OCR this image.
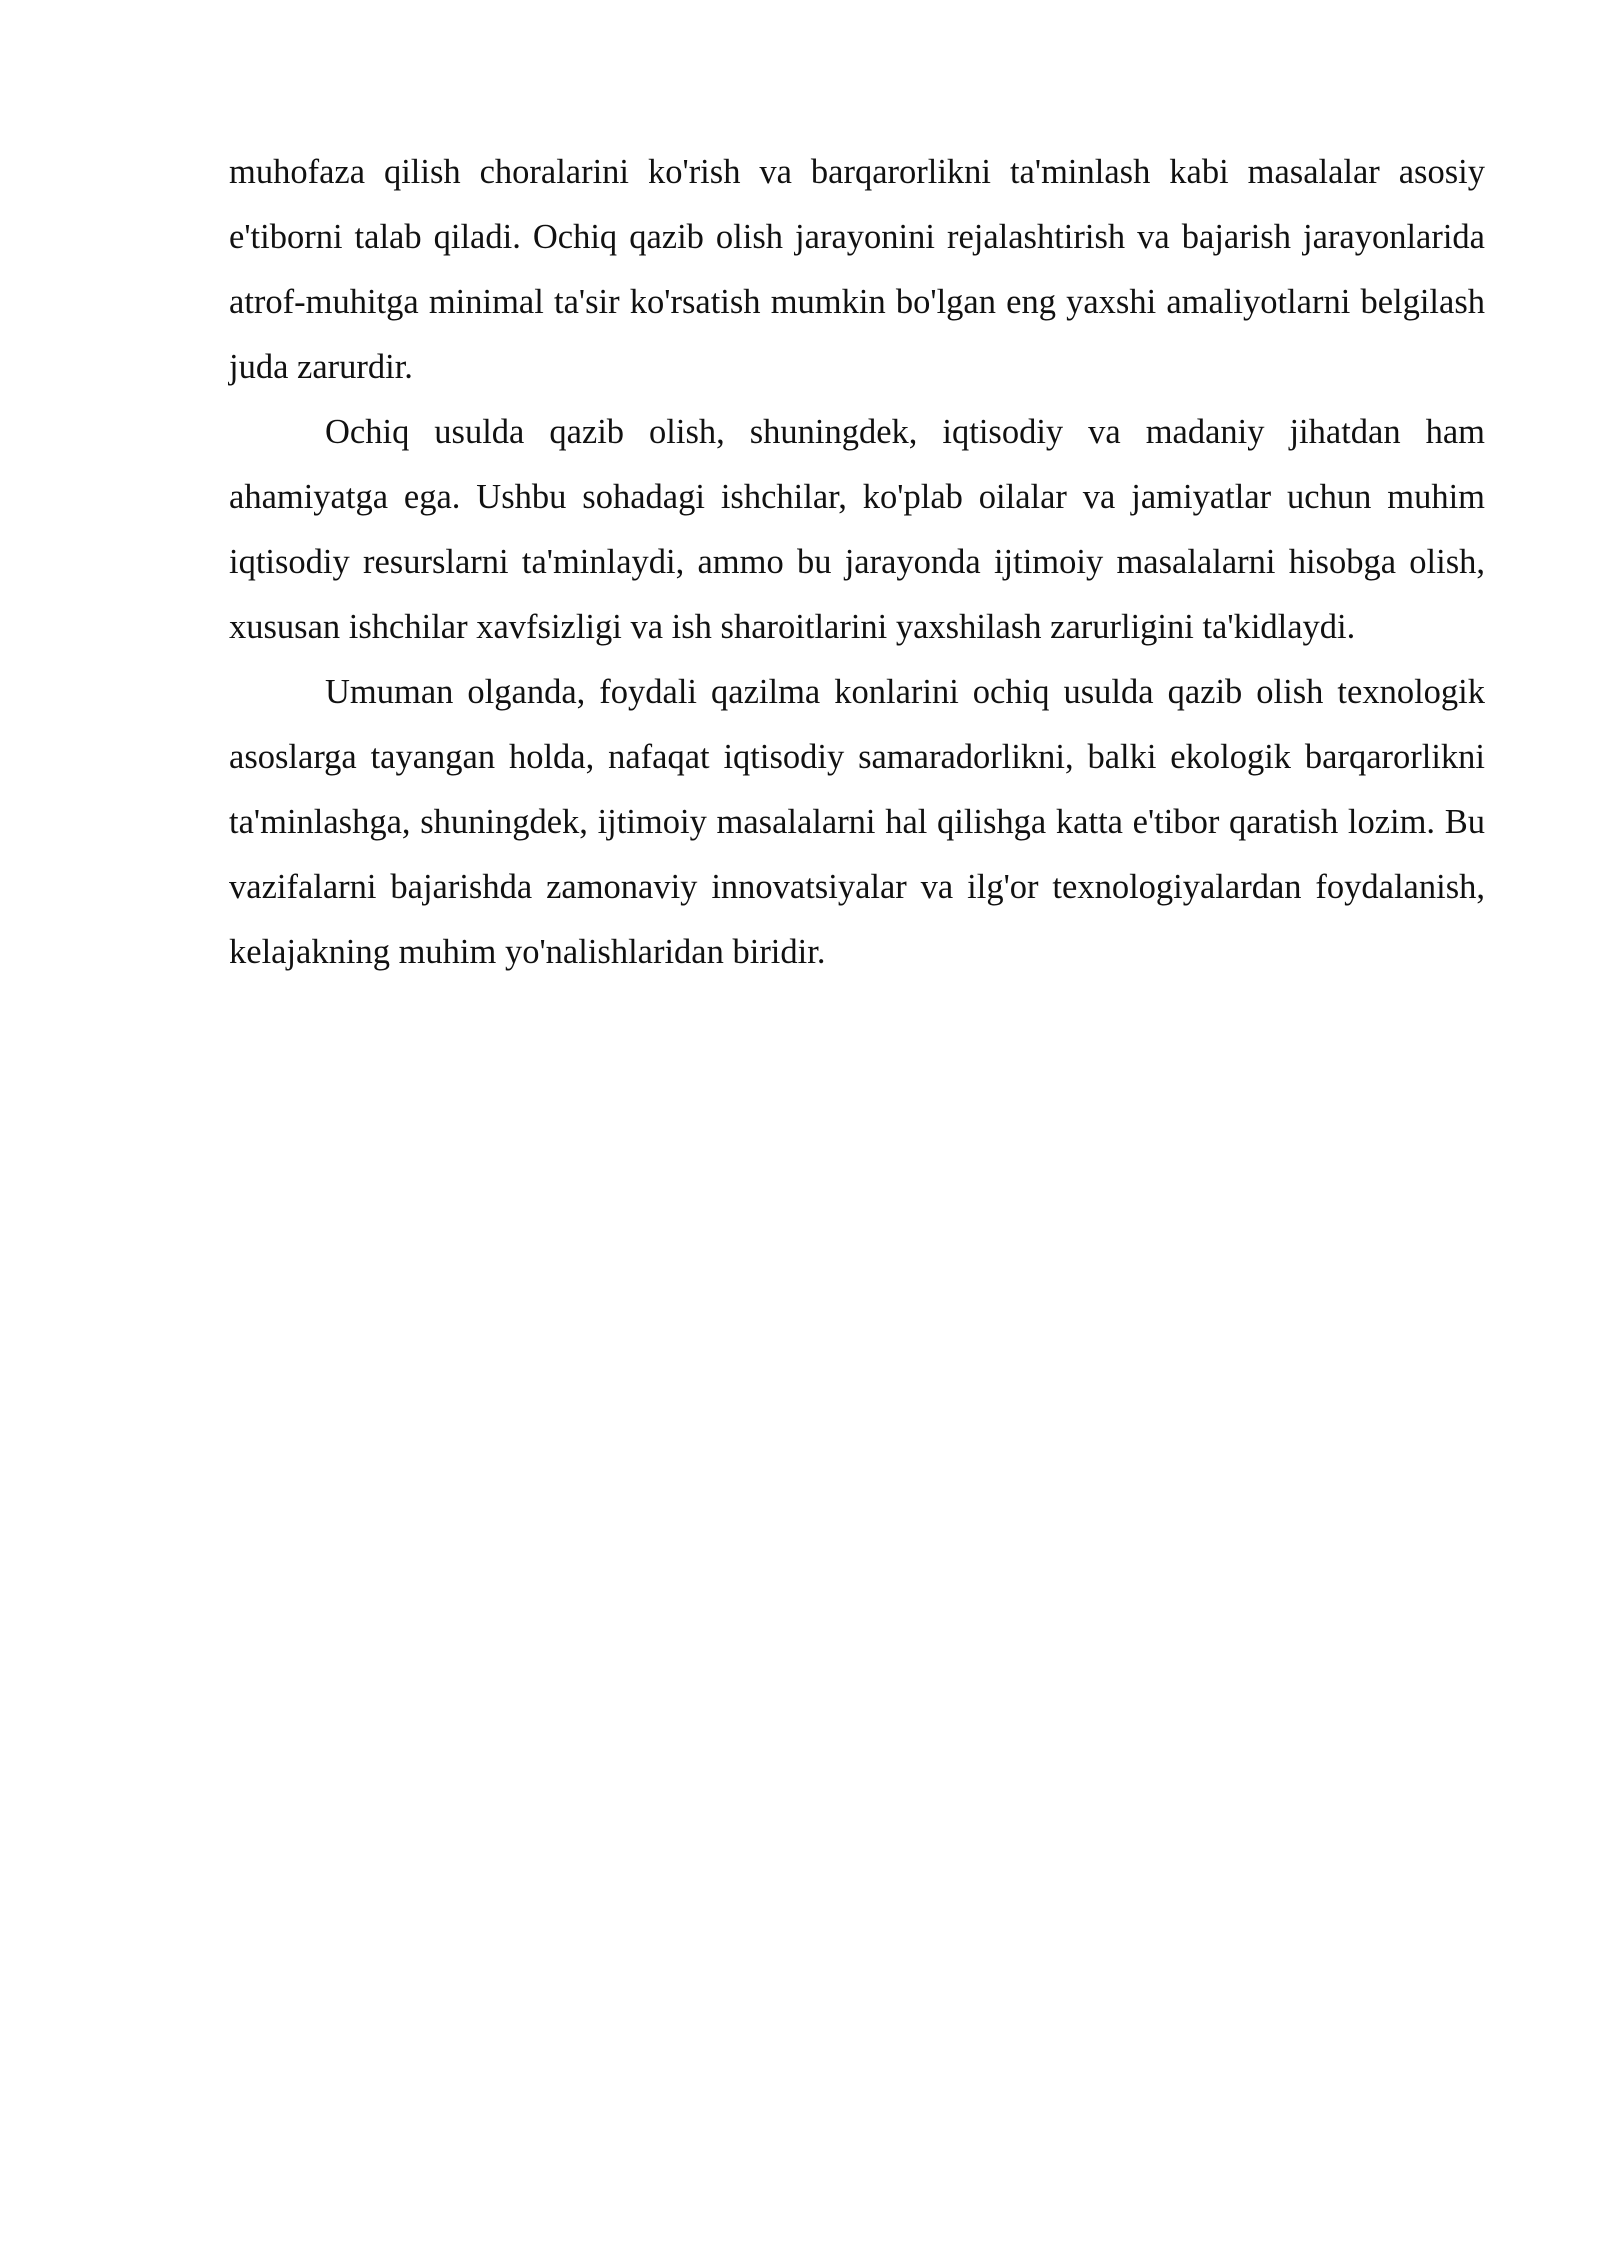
muhofaza qilish choralarini ko'rish va barqarorlikni ta'minlash kabi masalalar asosiy e'tiborni talab qiladi. Ochiq qazib olish jarayonini rejalashtirish va bajarish jarayonlarida atrof-muhitga minimal ta'sir ko'rsatish mumkin bo'lgan eng yaxshi amaliyotlarni belgilash juda zarurdir.

Ochiq usulda qazib olish, shuningdek, iqtisodiy va madaniy jihatdan ham ahamiyatga ega. Ushbu sohadagi ishchilar, ko'plab oilalar va jamiyatlar uchun muhim iqtisodiy resurslarni ta'minlaydi, ammo bu jarayonda ijtimoiy masalalarni hisobga olish, xususan ishchilar xavfsizligi va ish sharoitlarini yaxshilash zarurligini ta'kidlaydi.

Umuman olganda, foydali qazilma konlarini ochiq usulda qazib olish texnologik asoslarga tayangan holda, nafaqat iqtisodiy samaradorlikni, balki ekologik barqarorlikni ta'minlashga, shuningdek, ijtimoiy masalalarni hal qilishga katta e'tibor qaratish lozim. Bu vazifalarni bajarishda zamonaviy innovatsiyalar va ilg'or texnologiyalardan foydalanish, kelajakning muhim yo'nalishlaridan biridir.
